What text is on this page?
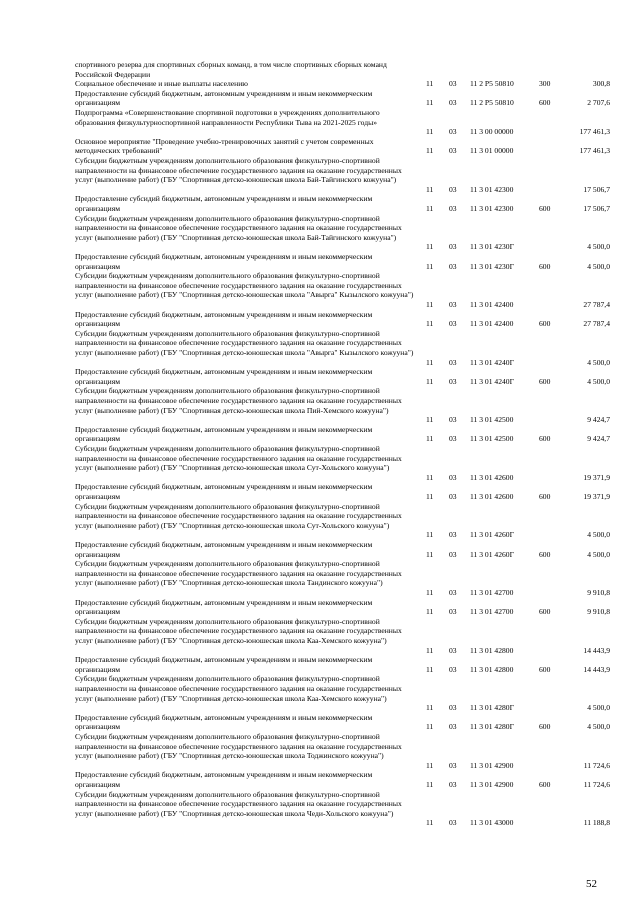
спортивного резерва для спортивных сборных команд, в том числе спортивных сборных команд Российской Федерации
Социальное обеспечение и иные выплаты населению	11	03	11 2 P5 50810	300	300,8
Предоставление субсидий бюджетным, автономным учреждениям и иным некоммерческим организациям	11	03	11 2 P5 50810	600	2 707,6
Подпрограмма «Совершенствование спортивной подготовки в учреждениях дополнительного образования физкультурноспортивной направленности Республики Тыва на 2021-2025 годы»
11	03	11 3 00 00000	177 461,3
Основное мероприятие "Проведение учебно-тренировочных занятий с учетом современных методических требований"	11	03	11 3 01 00000	177 461,3
Субсидии бюджетным учреждениям дополнительного образования физкультурно-спортивной направленности на финансовое обеспечение государственного задания на оказание государственных услуг (выполнение работ) (ГБУ "Спортивная детско-юношеская школа Бай-Тайгинского кожууна")
11	03	11 3 01 42300	17 506,7
Предоставление субсидий бюджетным, автономным учреждениям и иным некоммерческим организациям	11	03	11 3 01 42300	600	17 506,7
Субсидии бюджетным учреждениям дополнительного образования физкультурно-спортивной направленности на финансовое обеспечение государственного задания на оказание государственных услуг (выполнение работ) (ГБУ "Спортивная детско-юношеская школа Бай-Тайгинского кожууна")
11	03	11 3 01 4230Г	4 500,0
Предоставление субсидий бюджетным, автономным учреждениям и иным некоммерческим организациям	11	03	11 3 01 4230Г	600	4 500,0
Субсидии бюджетным учреждениям дополнительного образования физкультурно-спортивной направленности на финансовое обеспечение государственного задания на оказание государственных услуг (выполнение работ) (ГБУ "Спортивная детско-юношеская школа "Авырга" Кызылского кожууна")
11	03	11 3 01 42400	27 787,4
Предоставление субсидий бюджетным, автономным учреждениям и иным некоммерческим организациям	11	03	11 3 01 42400	600	27 787,4
Субсидии бюджетным учреждениям дополнительного образования физкультурно-спортивной направленности на финансовое обеспечение государственного задания на оказание государственных услуг (выполнение работ) (ГБУ "Спортивная детско-юношеская школа "Авырга" Кызылского кожууна")
11	03	11 3 01 4240Г	4 500,0
Предоставление субсидий бюджетным, автономным учреждениям и иным некоммерческим организациям	11	03	11 3 01 4240Г	600	4 500,0
Субсидии бюджетным учреждениям дополнительного образования физкультурно-спортивной направленности на финансовое обеспечение государственного задания на оказание государственных услуг (выполнение работ) (ГБУ "Спортивная детско-юношеская школа Пий-Хемского кожууна")
11	03	11 3 01 42500	9 424,7
Предоставление субсидий бюджетным, автономным учреждениям и иным некоммерческим организациям	11	03	11 3 01 42500	600	9 424,7
Субсидии бюджетным учреждениям дополнительного образования физкультурно-спортивной направленности на финансовое обеспечение государственного задания на оказание государственных услуг (выполнение работ) (ГБУ "Спортивная детско-юношеская школа Сут-Хольского кожууна")
11	03	11 3 01 42600	19 371,9
Предоставление субсидий бюджетным, автономным учреждениям и иным некоммерческим организациям	11	03	11 3 01 42600	600	19 371,9
Субсидии бюджетным учреждениям дополнительного образования физкультурно-спортивной направленности на финансовое обеспечение государственного задания на оказание государственных услуг (выполнение работ) (ГБУ "Спортивная детско-юношеская школа Сут-Хольского кожууна")
11	03	11 3 01 4260Г	4 500,0
Предоставление субсидий бюджетным, автономным учреждениям и иным некоммерческим организациям	11	03	11 3 01 4260Г	600	4 500,0
Субсидии бюджетным учреждениям дополнительного образования физкультурно-спортивной направленности на финансовое обеспечение государственного задания на оказание государственных услуг (выполнение работ) (ГБУ "Спортивная детско-юношеская школа Тандинского кожууна")
11	03	11 3 01 42700	9 910,8
Предоставление субсидий бюджетным, автономным учреждениям и иным некоммерческим организациям	11	03	11 3 01 42700	600	9 910,8
Субсидии бюджетным учреждениям дополнительного образования физкультурно-спортивной направленности на финансовое обеспечение государственного задания на оказание государственных услуг (выполнение работ) (ГБУ "Спортивная детско-юношеская школа Каа-Хемского кожууна")
11	03	11 3 01 42800	14 443,9
Предоставление субсидий бюджетным, автономным учреждениям и иным некоммерческим организациям	11	03	11 3 01 42800	600	14 443,9
Субсидии бюджетным учреждениям дополнительного образования физкультурно-спортивной направленности на финансовое обеспечение государственного задания на оказание государственных услуг (выполнение работ) (ГБУ "Спортивная детско-юношеская школа Каа-Хемского кожууна")
11	03	11 3 01 4280Г	4 500,0
Предоставление субсидий бюджетным, автономным учреждениям и иным некоммерческим организациям	11	03	11 3 01 4280Г	600	4 500,0
Субсидии бюджетным учреждениям дополнительного образования физкультурно-спортивной направленности на финансовое обеспечение государственного задания на оказание государственных услуг (выполнение работ) (ГБУ "Спортивная детско-юношеская школа Тоджинского кожууна")
11	03	11 3 01 42900	11 724,6
Предоставление субсидий бюджетным, автономным учреждениям и иным некоммерческим организациям	11	03	11 3 01 42900	600	11 724,6
Субсидии бюджетным учреждениям дополнительного образования физкультурно-спортивной направленности на финансовое обеспечение государственного задания на оказание государственных услуг (выполнение работ) (ГБУ "Спортивная детско-юношеская школа Чеди-Хольского кожууна")
11	03	11 3 01 43000	11 188,8
52
